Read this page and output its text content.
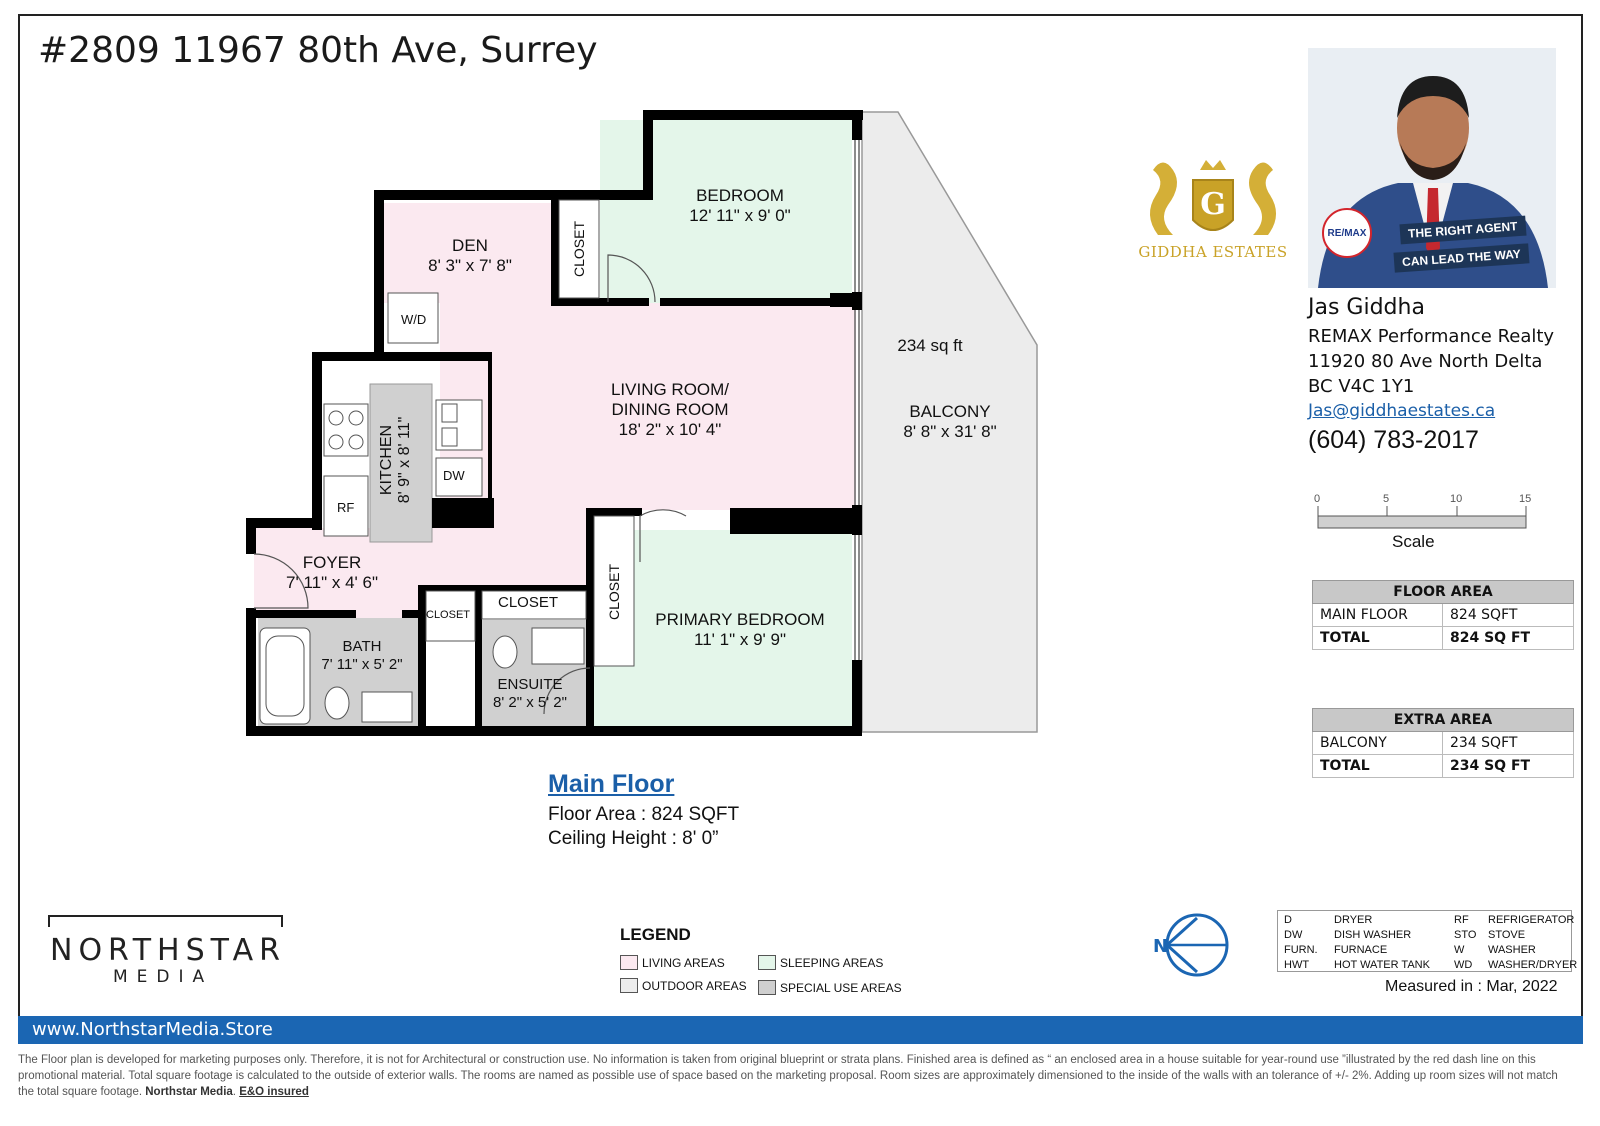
#2809 11967 80th Ave, Surrey
BEDROOM
12' 11" x 9' 0"
DEN
8' 3" x 7' 8"
LIVING ROOM/
DINING ROOM
18' 2" x 10' 4"
FOYER
7' 11" x 4' 6"
BATH
7' 11" x 5' 2"
ENSUITE
8' 2" x 5' 2"
PRIMARY BEDROOM
11' 1" x 9' 9"
234 sq ft
BALCONY
8' 8" x 31' 8"
KITCHEN 8' 9" x 8' 11"
CLOSET
CLOSET
CLOSET
CLOSET
W/D
DW
RF
Main Floor
Floor Area : 824 SQFT
Ceiling Height : 8' 0”
G
GIDDHA ESTATES
RE/MAX	THE RIGHT AGENT
CAN LEAD THE WAY
Jas Giddha
REMAX Performance Realty
11920 80 Ave North Delta
BC V4C 1Y1
Jas@giddhaestates.ca
(604) 783-2017
0	5	10	15
Scale
FLOOR AREA	
MAIN FLOOR	824 SQFT
TOTAL	824 SQ FT
EXTRA AREA	
BALCONY	234 SQFT
TOTAL	234 SQ FT
NORTHSTAR
MEDIA
LEGEND
LIVING AREAS	SLEEPING AREAS
OUTDOOR AREAS	SPECIAL USE AREAS
N
D	DRYER	RF	REFRIGERATOR
DW	DISH WASHER	STO	STOVE
FURN.	FURNACE	W	WASHER
HWT	HOT WATER TANK	WD	WASHER/DRYER
Measured in : Mar, 2022
www.NorthstarMedia.Store
The Floor plan is developed for marketing purposes only. Therefore, it is not for Architectural or construction use. No information is taken from original blueprint or strata plans. Finished area is defined as “ an enclosed area in a house suitable for year-round use ”illustrated by the red dash line on this promotional material. Total square footage is calculated to the outside of exterior walls. The rooms are named as possible use of space based on the marketing proposal. Room sizes are approximately dimensioned to the inside of the walls with an tolerance of +/- 2%. Adding up room sizes will not match the total square footage. Northstar Media. E&O insured
